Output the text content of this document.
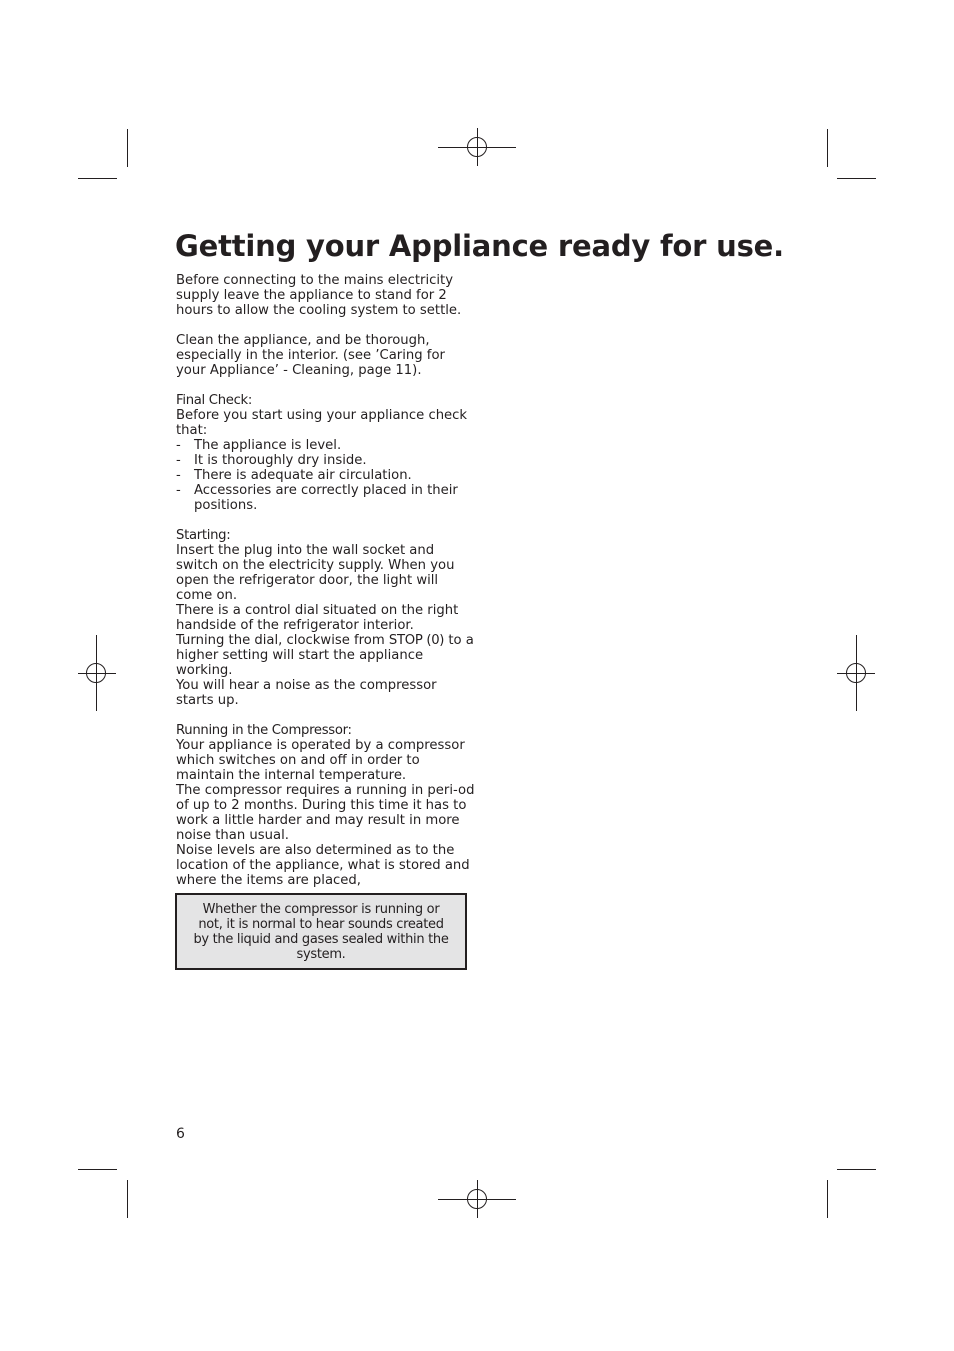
Getting your Appliance ready for use.

Before connecting to the mains electricity supply leave the appliance to stand for 2 hours to allow the cooling system to settle.

Clean the appliance, and be thorough, especially in the interior. (see ’Caring for your Appliance’ - Cleaning, page 11).

Final Check:

Before you start using your appliance check that:

-	The appliance is level.
-	It is thoroughly dry inside.
-	There is adequate air circulation.
-	Accessories are correctly placed in their positions.

Starting:

Insert the plug into the wall socket and switch on the electricity supply. When you open the refrigerator door, the light will come on.

There is a control dial situated on the right handside of the refrigerator interior.

Turning the dial, clockwise from STOP (0) to a higher setting will start the appliance working.

You will hear a noise as the compressor starts up.

Running in the Compressor:

Your appliance is operated by a compressor which switches on and off in order to maintain the internal temperature.

The compressor requires a running in peri-od of up to 2 months. During this time it has to work a little harder and may result in more noise than usual.

Noise levels are also determined as to the location of the appliance, what is stored and where the items are placed,

Whether the compressor is running or not, it is normal to hear sounds created by the liquid and gases sealed within the system.
6
